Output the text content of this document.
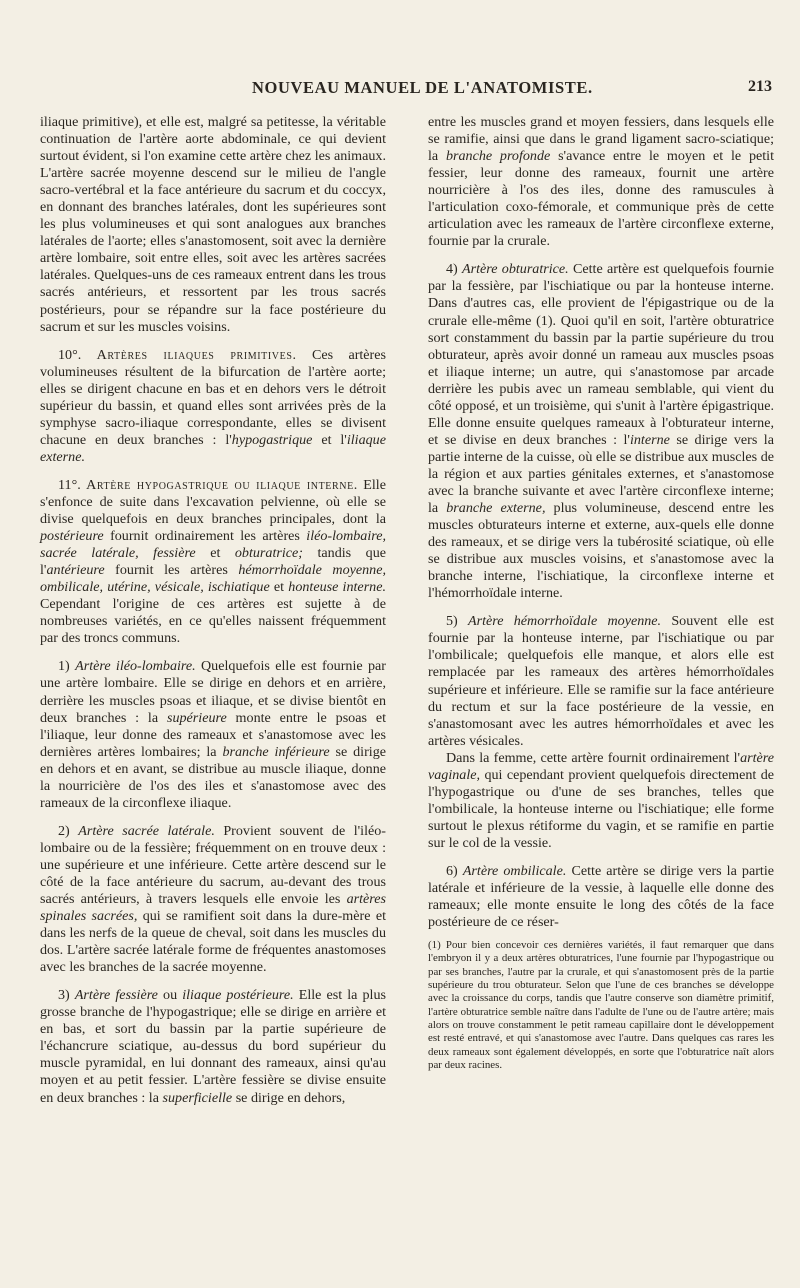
NOUVEAU MANUEL DE L'ANATOMISTE.	213

iliaque primitive), et elle est, malgré sa petitesse, la véritable continuation de l'artère aorte abdominale, ce qui devient surtout évident, si l'on examine cette artère chez les animaux. L'artère sacrée moyenne descend sur le milieu de l'angle sacro-vertébral et la face antérieure du sacrum et du coccyx, en donnant des branches latérales, dont les supérieures sont les plus volumineuses et qui sont analogues aux branches latérales de l'aorte; elles s'anastomosent, soit avec la dernière artère lombaire, soit entre elles, soit avec les artères sacrées latérales. Quelques-uns de ces rameaux entrent dans les trous sacrés antérieurs, et ressortent par les trous sacrés postérieurs, pour se répandre sur la face postérieure du sacrum et sur les muscles voisins.

10°. Artères iliaques primitives. Ces artères volumineuses résultent de la bifurcation de l'artère aorte; elles se dirigent chacune en bas et en dehors vers le détroit supérieur du bassin, et quand elles sont arrivées près de la symphyse sacro-iliaque correspondante, elles se divisent chacune en deux branches : l'hypogastrique et l'iliaque externe.

11°. Artère hypogastrique ou iliaque interne. Elle s'enfonce de suite dans l'excavation pelvienne, où elle se divise quelquefois en deux branches principales, dont la postérieure fournit ordinairement les artères iléo-lombaire, sacrée latérale, fessière et obturatrice; tandis que l'antérieure fournit les artères hémorrhoïdale moyenne, ombilicale, utérine, vésicale, ischiatique et honteuse interne. Cependant l'origine de ces artères est sujette à de nombreuses variétés, en ce qu'elles naissent fréquemment par des troncs communs.

1) Artère iléo-lombaire. Quelquefois elle est fournie par une artère lombaire. Elle se dirige en dehors et en arrière, derrière les muscles psoas et iliaque, et se divise bientôt en deux branches : la supérieure monte entre le psoas et l'iliaque, leur donne des rameaux et s'anastomose avec les dernières artères lombaires; la branche inférieure se dirige en dehors et en avant, se distribue au muscle iliaque, donne la nourricière de l'os des iles et s'anastomose avec des rameaux de la circonflexe iliaque.

2) Artère sacrée latérale. Provient souvent de l'iléo-lombaire ou de la fessière; fréquemment on en trouve deux : une supérieure et une inférieure. Cette artère descend sur le côté de la face antérieure du sacrum, au-devant des trous sacrés antérieurs, à travers lesquels elle envoie les artères spinales sacrées, qui se ramifient soit dans la dure-mère et dans les nerfs de la queue de cheval, soit dans les muscles du dos. L'artère sacrée latérale forme de fréquentes anastomoses avec les branches de la sacrée moyenne.

3) Artère fessière ou iliaque postérieure. Elle est la plus grosse branche de l'hypogastrique; elle se dirige en arrière et en bas, et sort du bassin par la partie supérieure de l'échancrure sciatique, au-dessus du bord supérieur du muscle pyramidal, en lui donnant des rameaux, ainsi qu'au moyen et au petit fessier. L'artère fessière se divise ensuite en deux branches : la superficielle se dirige en dehors,

entre les muscles grand et moyen fessiers, dans lesquels elle se ramifie, ainsi que dans le grand ligament sacro-sciatique; la branche profonde s'avance entre le moyen et le petit fessier, leur donne des rameaux, fournit une artère nourricière à l'os des iles, donne des ramuscules à l'articulation coxo-fémorale, et communique près de cette articulation avec les rameaux de l'artère circonflexe externe, fournie par la crurale.

4) Artère obturatrice. Cette artère est quelquefois fournie par la fessière, par l'ischiatique ou par la honteuse interne. Dans d'autres cas, elle provient de l'épigastrique ou de la crurale elle-même (1). Quoi qu'il en soit, l'artère obturatrice sort constamment du bassin par la partie supérieure du trou obturateur, après avoir donné un rameau aux muscles psoas et iliaque interne; un autre, qui s'anastomose par arcade derrière les pubis avec un rameau semblable, qui vient du côté opposé, et un troisième, qui s'unit à l'artère épigastrique. Elle donne ensuite quelques rameaux à l'obturateur interne, et se divise en deux branches : l'interne se dirige vers la partie interne de la cuisse, où elle se distribue aux muscles de la région et aux parties génitales externes, et s'anastomose avec la branche suivante et avec l'artère circonflexe interne; la branche externe, plus volumineuse, descend entre les muscles obturateurs interne et externe, aux-quels elle donne des rameaux, et se dirige vers la tubérosité sciatique, où elle se distribue aux muscles voisins, et s'anastomose avec la branche interne, l'ischiatique, la circonflexe interne et l'hémorrhoïdale interne.

5) Artère hémorrhoïdale moyenne. Souvent elle est fournie par la honteuse interne, par l'ischiatique ou par l'ombilicale; quelquefois elle manque, et alors elle est remplacée par les rameaux des artères hémorrhoïdales supérieure et inférieure. Elle se ramifie sur la face antérieure du rectum et sur la face postérieure de la vessie, en s'anastomosant avec les autres hémorrhoïdales et avec les artères vésicales.

Dans la femme, cette artère fournit ordinairement l'artère vaginale, qui cependant provient quelquefois directement de l'hypogastrique ou d'une de ses branches, telles que l'ombilicale, la honteuse interne ou l'ischiatique; elle forme surtout le plexus rétiforme du vagin, et se ramifie en partie sur le col de la vessie.

6) Artère ombilicale. Cette artère se dirige vers la partie latérale et inférieure de la vessie, à laquelle elle donne des rameaux; elle monte ensuite le long des côtés de la face postérieure de ce réser-

(1) Pour bien concevoir ces dernières variétés, il faut remarquer que dans l'embryon il y a deux artères obturatrices, l'une fournie par l'hypogastrique ou par ses branches, l'autre par la crurale, et qui s'anastomosent près de la partie supérieure du trou obturateur. Selon que l'une de ces branches se développe avec la croissance du corps, tandis que l'autre conserve son diamètre primitif, l'artère obturatrice semble naître dans l'adulte de l'une ou de l'autre artère; mais alors on trouve constamment le petit rameau capillaire dont le développement est resté entravé, et qui s'anastomose avec l'autre. Dans quelques cas rares les deux rameaux sont également développés, en sorte que l'obturatrice naît alors par deux racines.
